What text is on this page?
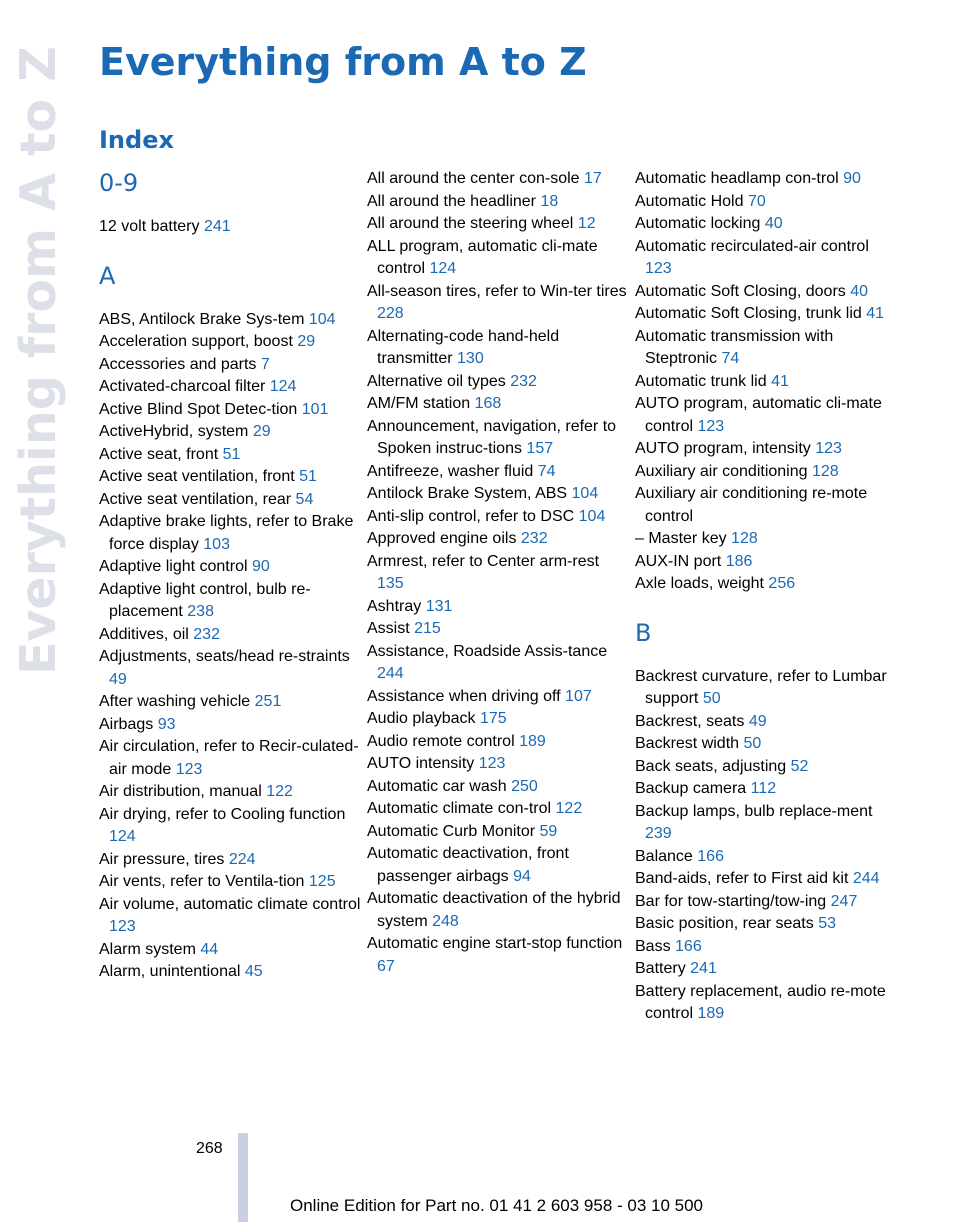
Everything from A to Z Everything from A to Z
Index
0-9
12 volt battery 241
A
ABS, Antilock Brake Sys‐tem 104
Acceleration support, boost 29
Accessories and parts 7
Activated-charcoal filter 124
Active Blind Spot Detec‐tion 101
ActiveHybrid, system 29
Active seat, front 51
Active seat ventilation, front 51
Active seat ventilation, rear 54
Adaptive brake lights, refer to Brake force display 103
Adaptive light control 90
Adaptive light control, bulb re‐placement 238
Additives, oil 232
Adjustments, seats/head re‐straints 49
After washing vehicle 251
Airbags 93
Air circulation, refer to Recir‐culated-air mode 123
Air distribution, manual 122
Air drying, refer to Cooling function 124
Air pressure, tires 224
Air vents, refer to Ventila‐tion 125
Air volume, automatic climate control 123
Alarm system 44
Alarm, unintentional 45
All around the center con‐sole 17
All around the headliner 18
All around the steering wheel 12
ALL program, automatic cli‐mate control 124
All-season tires, refer to Win‐ter tires 228
Alternating-code hand-held transmitter 130
Alternative oil types 232
AM/FM station 168
Announcement, navigation, refer to Spoken instruc‐tions 157
Antifreeze, washer fluid 74
Antilock Brake System, ABS 104
Anti-slip control, refer to DSC 104
Approved engine oils 232
Armrest, refer to Center arm‐rest 135
Ashtray 131
Assist 215
Assistance, Roadside Assis‐tance 244
Assistance when driving off 107
Audio playback 175
Audio remote control 189
AUTO intensity 123
Automatic car wash 250
Automatic climate con‐trol 122
Automatic Curb Monitor 59
Automatic deactivation, front passenger airbags 94
Automatic deactivation of the hybrid system 248
Automatic engine start-stop function 67
Automatic headlamp con‐trol 90
Automatic Hold 70
Automatic locking 40
Automatic recirculated-air control 123
Automatic Soft Closing, doors 40
Automatic Soft Closing, trunk lid 41
Automatic transmission with Steptronic 74
Automatic trunk lid 41
AUTO program, automatic cli‐mate control 123
AUTO program, intensity 123
Auxiliary air conditioning 128
Auxiliary air conditioning re‐mote control
– Master key 128
AUX-IN port 186
Axle loads, weight 256
B
Backrest curvature, refer to Lumbar support 50
Backrest, seats 49
Backrest width 50
Back seats, adjusting 52
Backup camera 112
Backup lamps, bulb replace‐ment 239
Balance 166
Band-aids, refer to First aid kit 244
Bar for tow-starting/tow‐ing 247
Basic position, rear seats 53
Bass 166
Battery 241
Battery replacement, audio re‐mote control 189
268
Online Edition for Part no. 01 41 2 603 958 - 03 10 500
